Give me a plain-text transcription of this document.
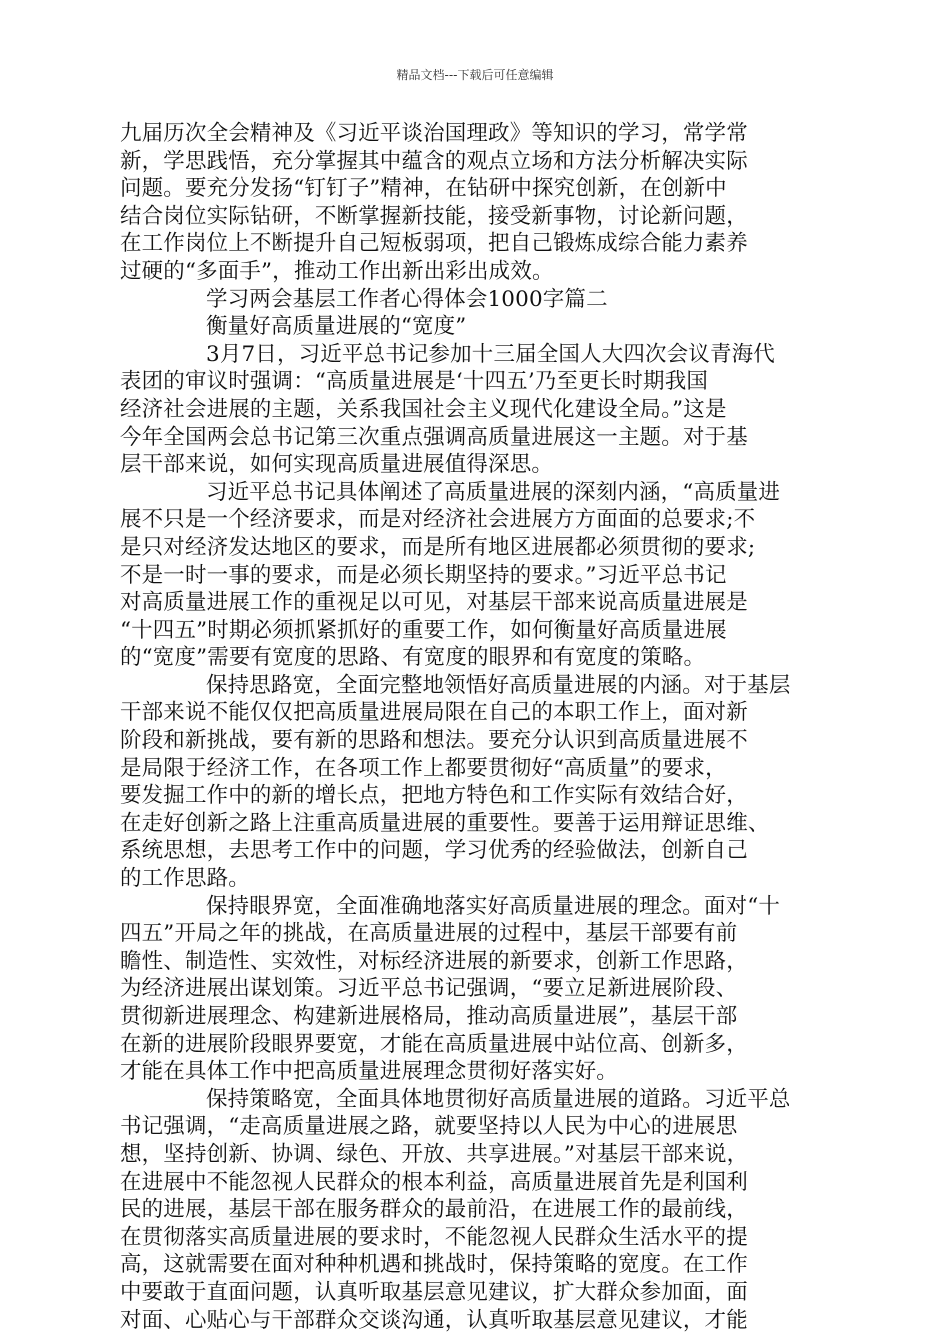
精品文档---下载后可任意编辑
九届历次全会精神及《习近平谈治国理政》等知识的学习，常学常
新，学思践悟，充分掌握其中蕴含的观点立场和方法分析解决实际
问题。要充分发扬“钉钉子”精神，在钻研中探究创新，在创新中
结合岗位实际钻研，不断掌握新技能，接受新事物，讨论新问题，
在工作岗位上不断提升自己短板弱项，把自己锻炼成综合能力素养
过硬的“多面手”，推动工作出新出彩出成效。
学习两会基层工作者心得体会1000字篇二
衡量好高质量进展的“宽度”
3月7日，习近平总书记参加十三届全国人大四次会议青海代
表团的审议时强调：“高质量进展是‘十四五’乃至更长时期我国
经济社会进展的主题，关系我国社会主义现代化建设全局。”这是
今年全国两会总书记第三次重点强调高质量进展这一主题。对于基
层干部来说，如何实现高质量进展值得深思。
习近平总书记具体阐述了高质量进展的深刻内涵，“高质量进
展不只是一个经济要求，而是对经济社会进展方方面面的总要求;不
是只对经济发达地区的要求，而是所有地区进展都必须贯彻的要求;
不是一时一事的要求，而是必须长期坚持的要求。”习近平总书记
对高质量进展工作的重视足以可见，对基层干部来说高质量进展是
“十四五”时期必须抓紧抓好的重要工作，如何衡量好高质量进展
的“宽度”需要有宽度的思路、有宽度的眼界和有宽度的策略。
保持思路宽，全面完整地领悟好高质量进展的内涵。对于基层
干部来说不能仅仅把高质量进展局限在自己的本职工作上，面对新
阶段和新挑战，要有新的思路和想法。要充分认识到高质量进展不
是局限于经济工作，在各项工作上都要贯彻好“高质量”的要求，
要发掘工作中的新的增长点，把地方特色和工作实际有效结合好，
在走好创新之路上注重高质量进展的重要性。要善于运用辩证思维、
系统思想，去思考工作中的问题，学习优秀的经验做法，创新自己
的工作思路。
保持眼界宽，全面准确地落实好高质量进展的理念。面对“十
四五”开局之年的挑战，在高质量进展的过程中，基层干部要有前
瞻性、制造性、实效性，对标经济进展的新要求，创新工作思路，
为经济进展出谋划策。习近平总书记强调，“要立足新进展阶段、
贯彻新进展理念、构建新进展格局，推动高质量进展”，基层干部
在新的进展阶段眼界要宽，才能在高质量进展中站位高、创新多，
才能在具体工作中把高质量进展理念贯彻好落实好。
保持策略宽，全面具体地贯彻好高质量进展的道路。习近平总
书记强调，“走高质量进展之路，就要坚持以人民为中心的进展思
想，坚持创新、协调、绿色、开放、共享进展。”对基层干部来说，
在进展中不能忽视人民群众的根本利益，高质量进展首先是利国利
民的进展，基层干部在服务群众的最前沿，在进展工作的最前线，
在贯彻落实高质量进展的要求时，不能忽视人民群众生活水平的提
高，这就需要在面对种种机遇和挑战时，保持策略的宽度。在工作
中要敢于直面问题，认真听取基层意见建议，扩大群众参加面，面
对面、心贴心与干部群众交谈沟通，认真听取基层意见建议，才能
